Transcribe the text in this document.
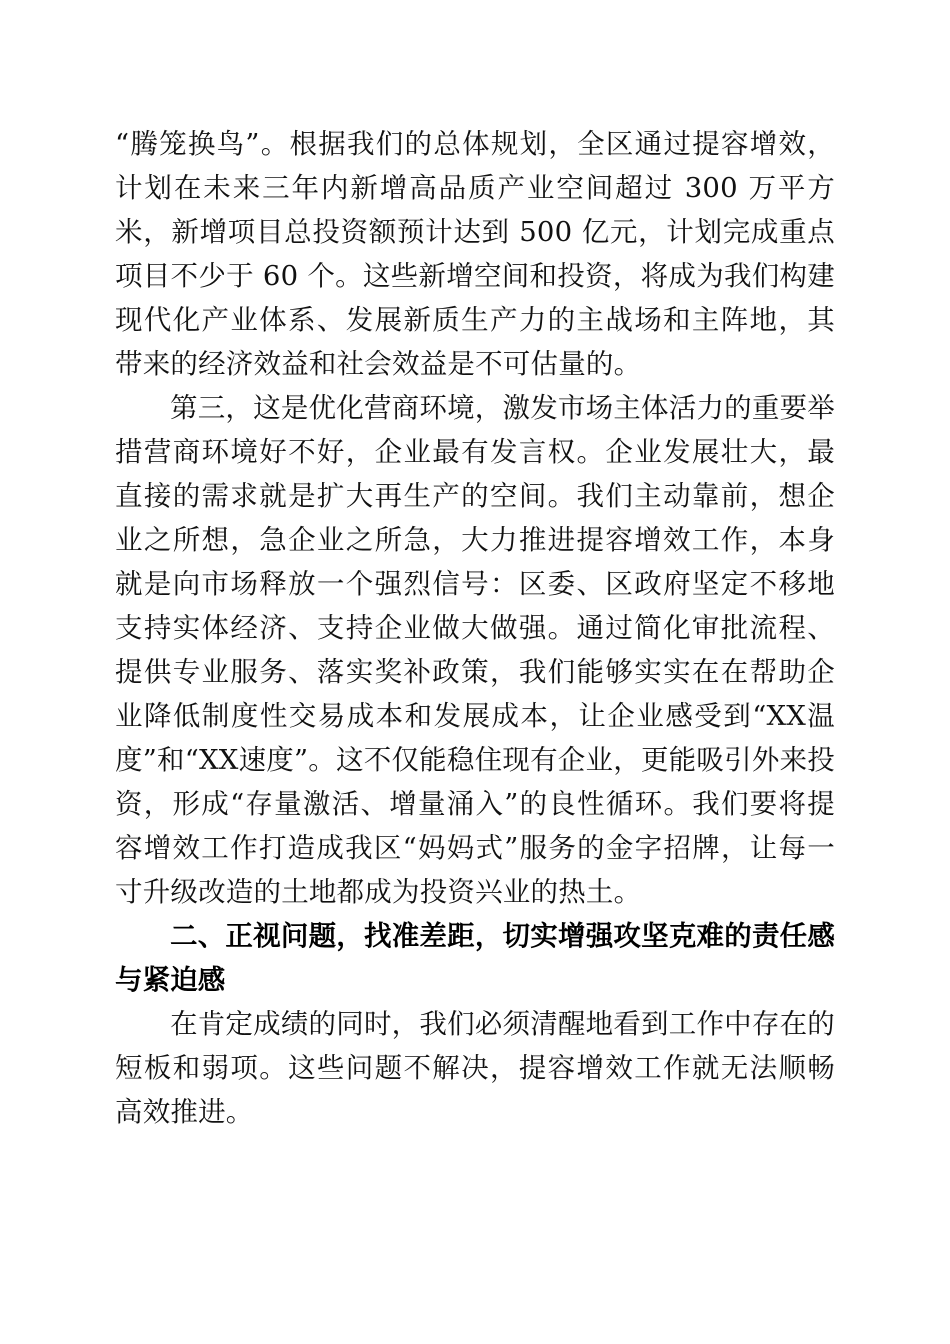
“腾笼换鸟”。根据我们的总体规划，全区通过提容增效，计划在未来三年内新增高品质产业空间超过 300 万平方米，新增项目总投资额预计达到 500 亿元，计划完成重点项目不少于 60 个。这些新增空间和投资，将成为我们构建现代化产业体系、发展新质生产力的主战场和主阵地，其带来的经济效益和社会效益是不可估量的。

第三，这是优化营商环境，激发市场主体活力的重要举措营商环境好不好，企业最有发言权。企业发展壮大，最直接的需求就是扩大再生产的空间。我们主动靠前，想企业之所想，急企业之所急，大力推进提容增效工作，本身就是向市场释放一个强烈信号：区委、区政府坚定不移地支持实体经济、支持企业做大做强。通过简化审批流程、提供专业服务、落实奖补政策，我们能够实实在在帮助企业降低制度性交易成本和发展成本，让企业感受到“XX温度”和“XX速度”。这不仅能稳住现有企业，更能吸引外来投资，形成“存量激活、增量涌入”的良性循环。我们要将提容增效工作打造成我区“妈妈式”服务的金字招牌，让每一寸升级改造的土地都成为投资兴业的热土。

二、正视问题，找准差距，切实增强攻坚克难的责任感与紧迫感

在肯定成绩的同时，我们必须清醒地看到工作中存在的短板和弱项。这些问题不解决，提容增效工作就无法顺畅高效推进。
